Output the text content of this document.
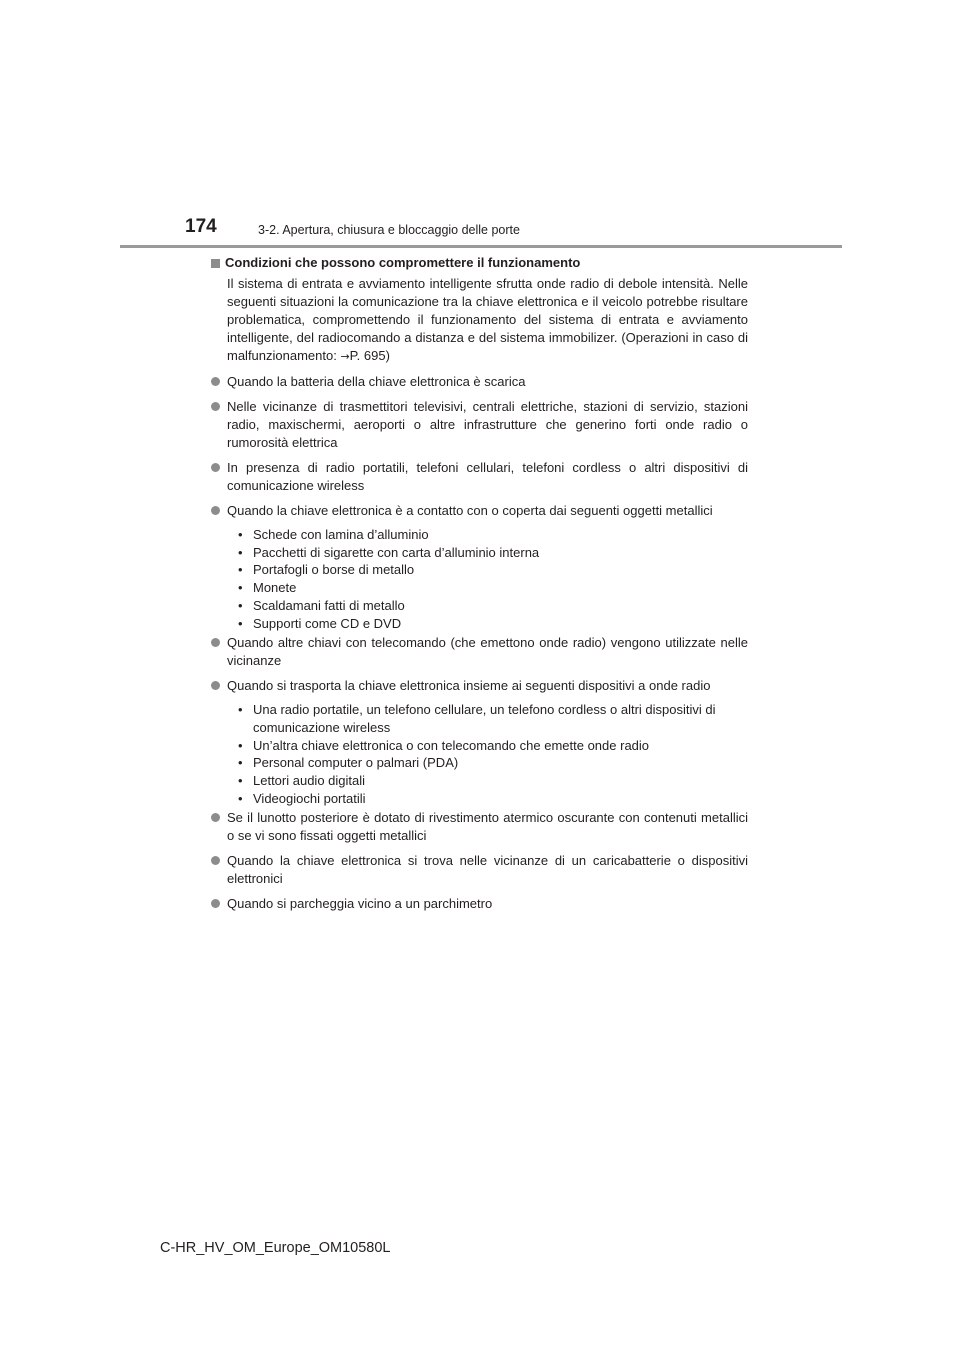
174	3-2. Apertura, chiusura e bloccaggio delle porte
Condizioni che possono compromettere il funzionamento
Il sistema di entrata e avviamento intelligente sfrutta onde radio di debole intensità. Nelle seguenti situazioni la comunicazione tra la chiave elettronica e il veicolo potrebbe risultare problematica, compromettendo il funzionamento del sistema di entrata e avviamento intelligente, del radiocomando a distanza e del sistema immobilizer. (Operazioni in caso di malfunzionamento: →P. 695)
Quando la batteria della chiave elettronica è scarica
Nelle vicinanze di trasmettitori televisivi, centrali elettriche, stazioni di servizio, stazioni radio, maxischermi, aeroporti o altre infrastrutture che generino forti onde radio o rumorosità elettrica
In presenza di radio portatili, telefoni cellulari, telefoni cordless o altri dispositivi di comunicazione wireless
Quando la chiave elettronica è a contatto con o coperta dai seguenti oggetti metallici
• Schede con lamina d’alluminio
• Pacchetti di sigarette con carta d’alluminio interna
• Portafogli o borse di metallo
• Monete
• Scaldamani fatti di metallo
• Supporti come CD e DVD
Quando altre chiavi con telecomando (che emettono onde radio) vengono utilizzate nelle vicinanze
Quando si trasporta la chiave elettronica insieme ai seguenti dispositivi a onde radio
• Una radio portatile, un telefono cellulare, un telefono cordless o altri dispositivi di comunicazione wireless
• Un’altra chiave elettronica o con telecomando che emette onde radio
• Personal computer o palmari (PDA)
• Lettori audio digitali
• Videogiochi portatili
Se il lunotto posteriore è dotato di rivestimento atermico oscurante con contenuti metallici o se vi sono fissati oggetti metallici
Quando la chiave elettronica si trova nelle vicinanze di un caricabatterie o dispositivi elettronici
Quando si parcheggia vicino a un parchimetro
C-HR_HV_OM_Europe_OM10580L
